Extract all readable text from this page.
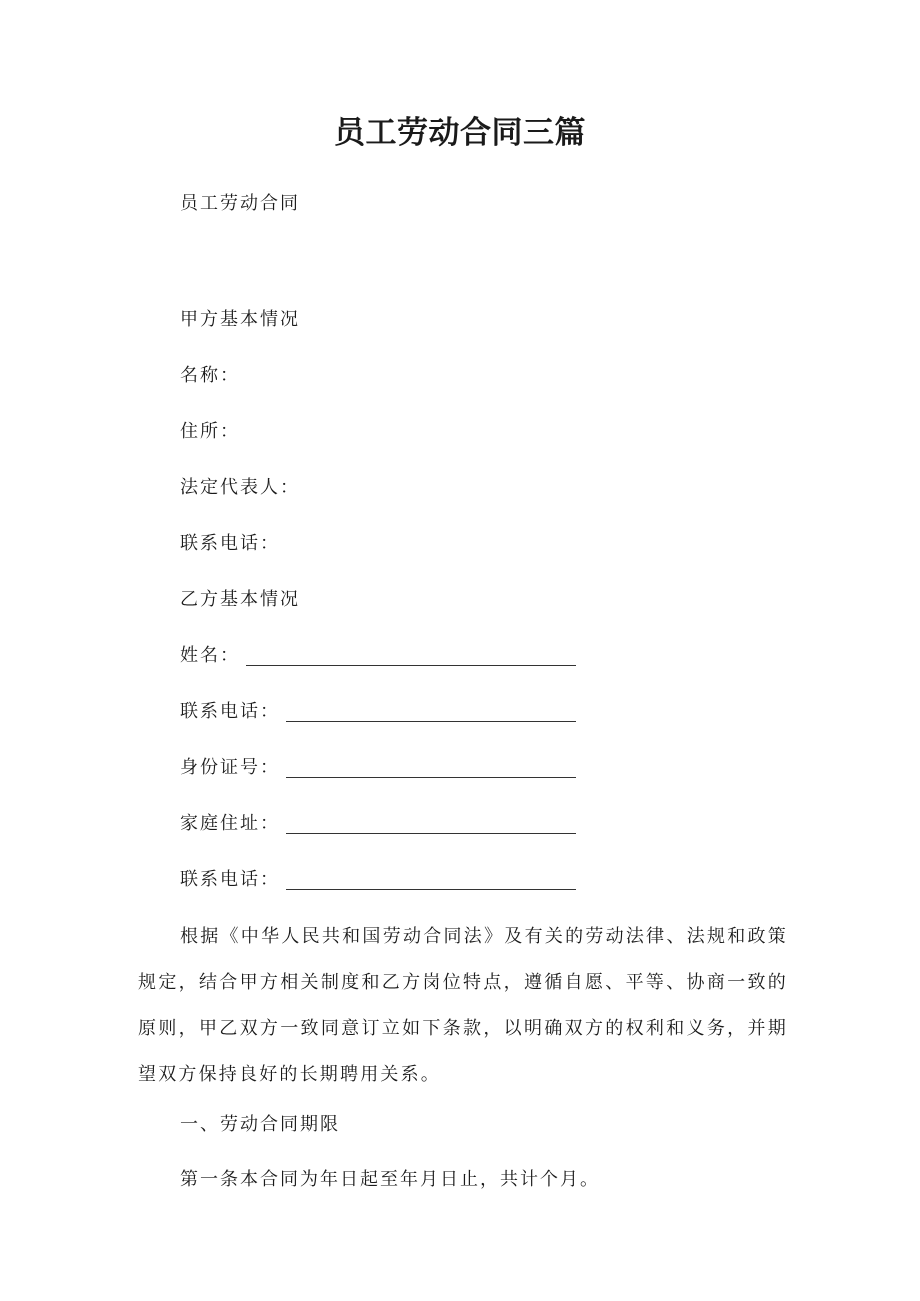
员工劳动合同三篇
员工劳动合同
甲方基本情况
名称：
住所：
法定代表人：
联系电话：
乙方基本情况
姓名：
联系电话：
身份证号：
家庭住址：
联系电话：
根据《中华人民共和国劳动合同法》及有关的劳动法律、法规和政策规定，结合甲方相关制度和乙方岗位特点，遵循自愿、平等、协商一致的原则，甲乙双方一致同意订立如下条款，以明确双方的权利和义务，并期望双方保持良好的长期聘用关系。
一、劳动合同期限
第一条本合同为年日起至年月日止，共计个月。
